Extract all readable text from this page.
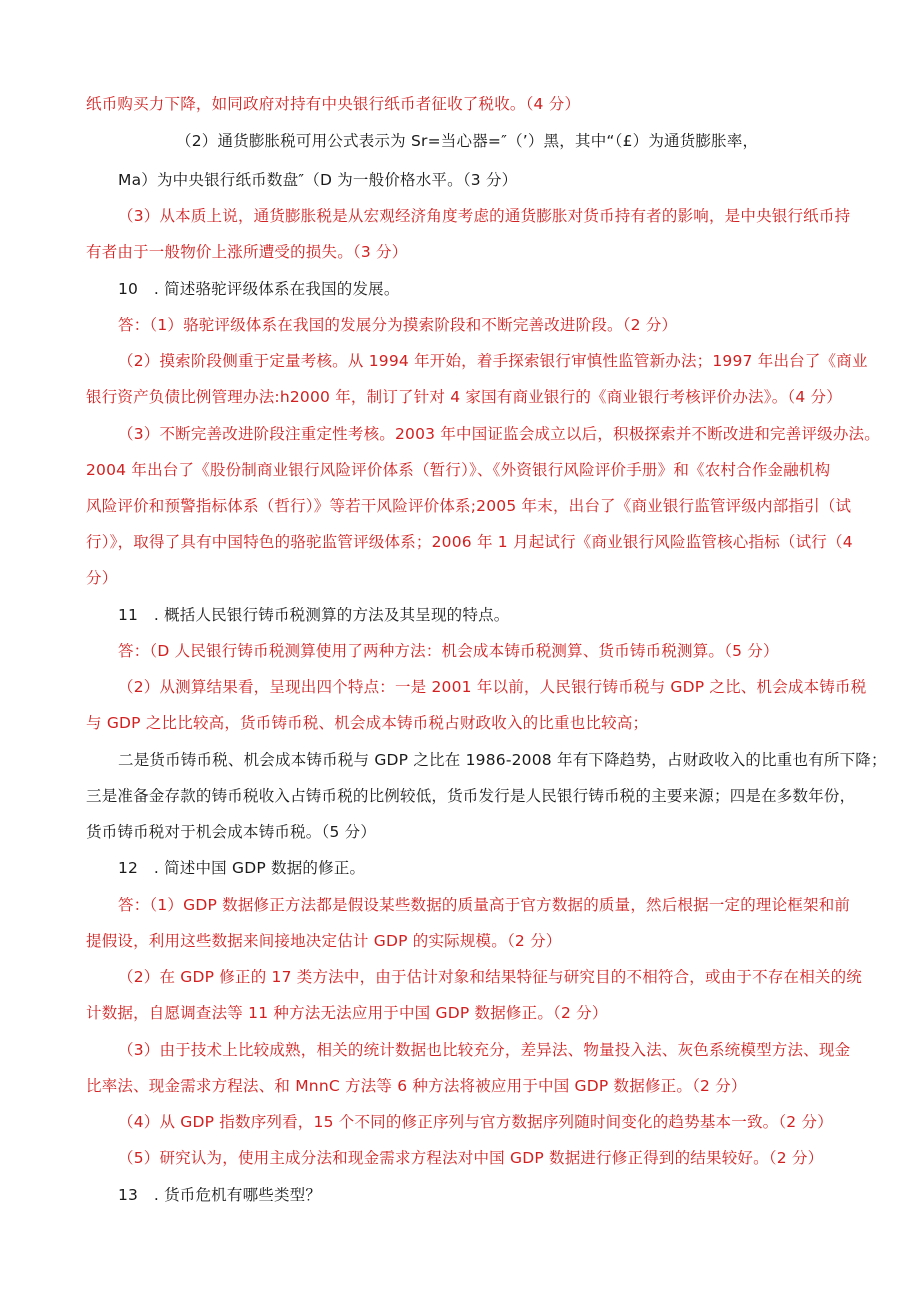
纸币购买力下降，如同政府对持有中央银行纸币者征收了税收。（4 分）
（2）通货膨胀税可用公式表示为 Sr=当心器=″（’）黑，其中“（£）为通货膨胀率，
Ma）为中央银行纸币数盘″（D 为一般价格水平。（3 分）
（3）从本质上说，通货膨胀税是从宏观经济角度考虑的通货膨胀对货币持有者的影响，是中央银行纸币持
有者由于一般物价上涨所遭受的损失。（3 分）
10　. 简述骆驼评级体系在我国的发展。
答：（1）骆驼评级体系在我国的发展分为摸索阶段和不断完善改进阶段。（2 分）
（2）摸索阶段侧重于定量考核。从 1994 年开始，着手探索银行审慎性监管新办法；1997 年出台了《商业
银行资产负债比例管理办法:h2000 年，制订了针对 4 家国有商业银行的《商业银行考核评价办法》。（4 分）
（3）不断完善改进阶段注重定性考核。2003 年中国证监会成立以后，积极探索并不断改进和完善评级办法。
2004 年出台了《股份制商业银行风险评价体系（暂行）》、《外资银行风险评价手册》和《农村合作金融机构
风险评价和预警指标体系（哲行）》等若干风险评价体系;2005 年末，出台了《商业银行监管评级内部指引（试
行）》，取得了具有中国特色的骆驼监管评级体系；2006 年 1 月起试行《商业银行风险监管核心指标（试行（4
分）
11　. 概括人民银行铸币税测算的方法及其呈现的特点。
答：（D 人民银行铸币税测算使用了两种方法：机会成本铸币税测算、货币铸币税测算。（5 分）
（2）从测算结果看，呈现出四个特点：一是 2001 年以前，人民银行铸币税与 GDP 之比、机会成本铸币税
与 GDP 之比比较高，货币铸币税、机会成本铸币税占财政收入的比重也比较高；
二是货币铸币税、机会成本铸币税与 GDP 之比在 1986-2008 年有下降趋势，占财政收入的比重也有所下降；
三是准备金存款的铸币税收入占铸币税的比例较低，货币发行是人民银行铸币税的主要来源；四是在多数年份，
货币铸币税对于机会成本铸币税。（5 分）
12　. 简述中国 GDP 数据的修正。
答：（1）GDP 数据修正方法都是假设某些数据的质量高于官方数据的质量，然后根据一定的理论框架和前
提假设，利用这些数据来间接地决定估计 GDP 的实际规模。（2 分）
（2）在 GDP 修正的 17 类方法中，由于估计对象和结果特征与研究目的不相符合，或由于不存在相关的统
计数据，自愿调查法等 11 种方法无法应用于中国 GDP 数据修正。（2 分）
（3）由于技术上比较成熟，相关的统计数据也比较充分，差异法、物量投入法、灰色系统模型方法、现金
比率法、现金需求方程法、和 MnnC 方法等 6 种方法将被应用于中国 GDP 数据修正。（2 分）
（4）从 GDP 指数序列看，15 个不同的修正序列与官方数据序列随时间变化的趋势基本一致。（2 分）
（5）研究认为，使用主成分法和现金需求方程法对中国 GDP 数据进行修正得到的结果较好。（2 分）
13　. 货币危机有哪些类型？
